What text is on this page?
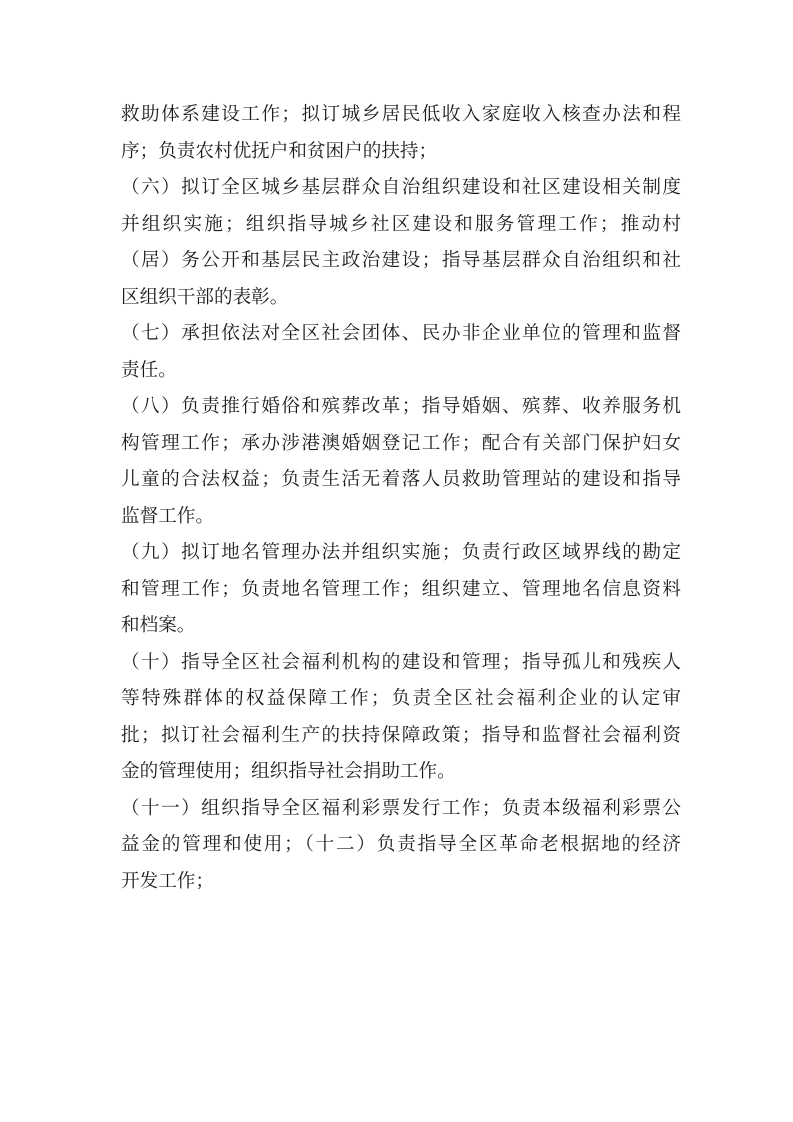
救助体系建设工作；拟订城乡居民低收入家庭收入核查办法和程
序；负责农村优抚户和贫困户的扶持；
（六）拟订全区城乡基层群众自治组织建设和社区建设相关制度
并组织实施；组织指导城乡社区建设和服务管理工作；推动村
（居）务公开和基层民主政治建设；指导基层群众自治组织和社
区组织干部的表彰。
（七）承担依法对全区社会团体、民办非企业单位的管理和监督
责任。
（八）负责推行婚俗和殡葬改革；指导婚姻、殡葬、收养服务机
构管理工作；承办涉港澳婚姻登记工作；配合有关部门保护妇女
儿童的合法权益；负责生活无着落人员救助管理站的建设和指导
监督工作。
（九）拟订地名管理办法并组织实施；负责行政区域界线的勘定
和管理工作；负责地名管理工作；组织建立、管理地名信息资料
和档案。
（十）指导全区社会福利机构的建设和管理；指导孤儿和残疾人
等特殊群体的权益保障工作；负责全区社会福利企业的认定审
批；拟订社会福利生产的扶持保障政策；指导和监督社会福利资
金的管理使用；组织指导社会捐助工作。
（十一）组织指导全区福利彩票发行工作；负责本级福利彩票公
益金的管理和使用；（十二）负责指导全区革命老根据地的经济
开发工作；
